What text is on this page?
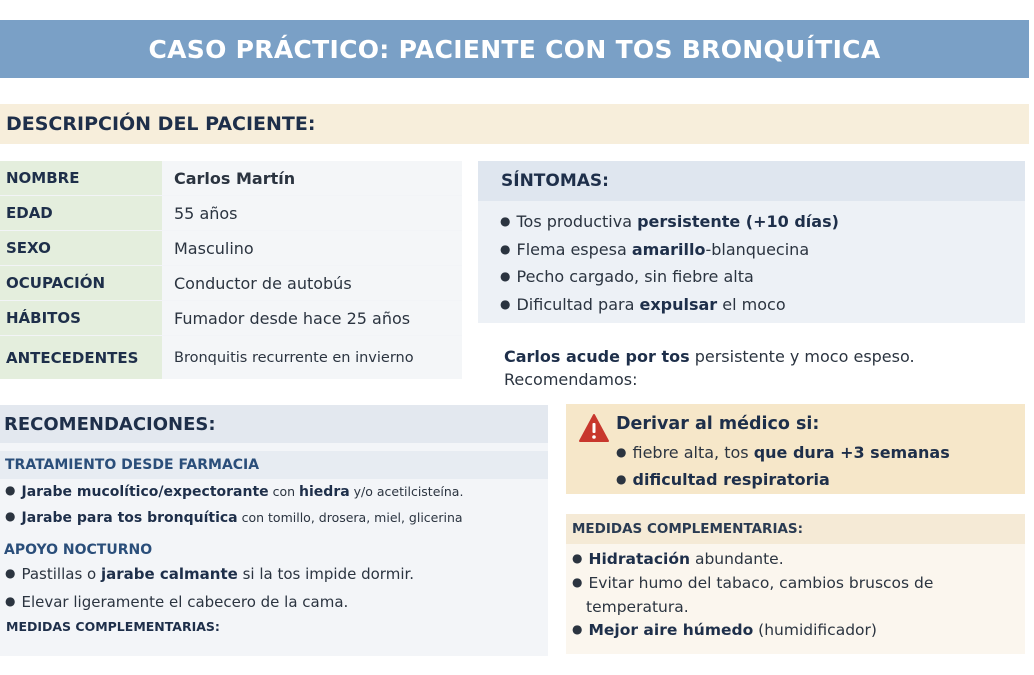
CASO PRÁCTICO: PACIENTE CON TOS BRONQUÍTICA
DESCRIPCIÓN DEL PACIENTE:
NOMBRE	Carlos Martín
EDAD	55 años
SEXO	Masculino
OCUPACIÓN	Conductor de autobús
HÁBITOS	Fumador desde hace 25 años
ANTECEDENTES	Bronquitis recurrente en invierno
SÍNTOMAS:
● Tos productiva persistente (+10 días)
● Flema espesa amarillo-blanquecina
● Pecho cargado, sin fiebre alta
● Dificultad para expulsar el moco
Carlos acude por tos persistente y moco espeso.
Recomendamos:
RECOMENDACIONES:
TRATAMIENTO DESDE FARMACIA
● Jarabe mucolítico/expectorante con hiedra y/o acetilcisteína.
● Jarabe para tos bronquítica con tomillo, drosera, miel, glicerina
APOYO NOCTURNO
● Pastillas o jarabe calmante si la tos impide dormir.
● Elevar ligeramente el cabecero de la cama.
MEDIDAS COMPLEMENTARIAS:
Derivar al médico si:
● fiebre alta, tos que dura +3 semanas
● dificultad respiratoria
MEDIDAS COMPLEMENTARIAS:
● Hidratación abundante.
● Evitar humo del tabaco, cambios bruscos de
temperatura.
● Mejor aire húmedo (humidificador)
